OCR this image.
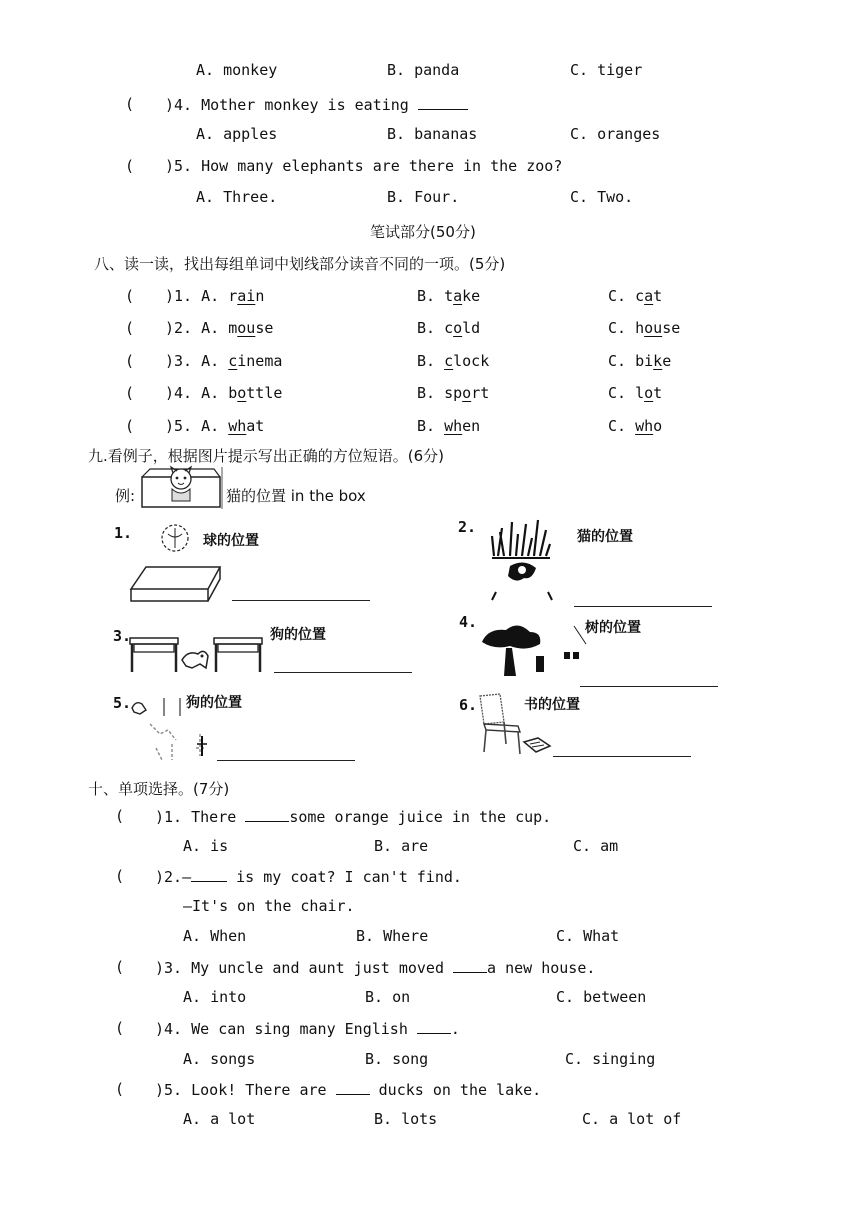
A. monkey	B. panda	C. tiger
( )4. Mother monkey is eating
A. apples	B. bananas	C. oranges
( )5. How many elephants are there in the zoo?
A. Three.	B. Four.	C. Two.
笔试部分(50分)
八、读一读，找出每组单词中划线部分读音不同的一项。(5分)
( )1. A. rain	B. take	C. cat
( )2. A. mouse	B. cold	C. house
( )3. A. cinema	B. clock	C. bike
( )4. A. bottle	B. sport	C. lot
( )5. A. what	B. when	C. who
九.看例子，根据图片提示写出正确的方位短语。(6分)
例:	猫的位置 in the box
1.	球的位置
2.
猫的位置
3.	狗的位置
4.	树的位置
5.	狗的位置	6.	书的位置
十、单项选择。(7分)
( )1. There	some orange juice in the cup.
A. is	B. are	C. am
( )2.— is my coat? I can't find.
—It's on the chair.
A. When	B. Where	C. What
( )3. My uncle and aunt just moved a new house.
A. into	B. on	C. between
( )4. We can sing many English .
A. songs	B. song	C. singing
( )5. Look! There are  ducks on the lake.
A. a lot	B. lots	C. a lot of
